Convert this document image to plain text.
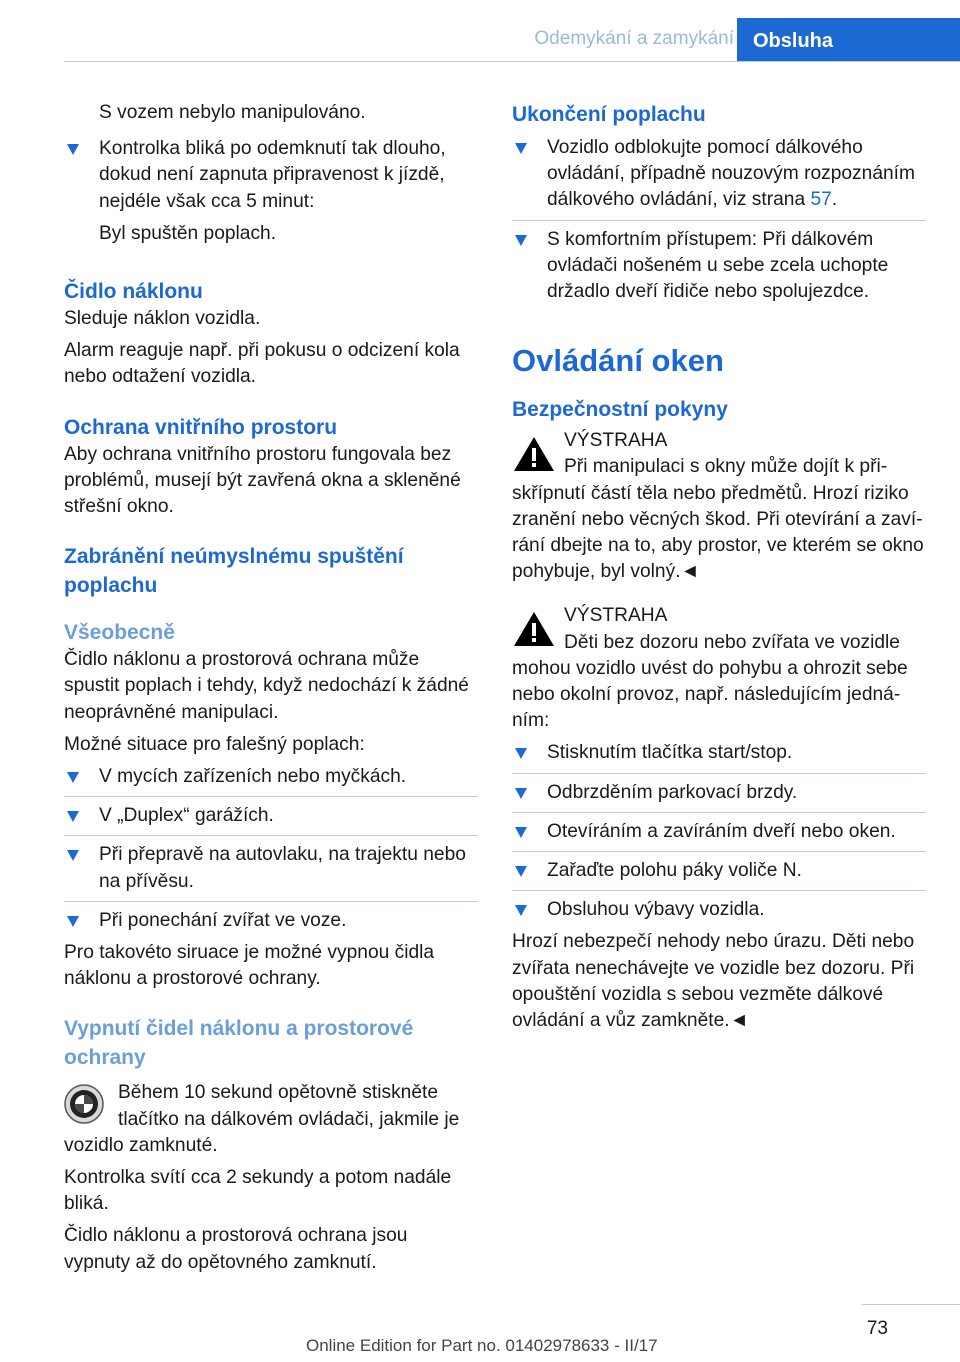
Odemykání a zamykání Obsluha

S vozem nebylo manipulováno.

Kontrolka bliká po odemknutí tak dlouho, dokud není zapnuta připravenost k jízdě, nejdéle však cca 5 minut:

Byl spuštěn poplach.

Čidlo náklonu

Sleduje náklon vozidla.

Alarm reaguje např. při pokusu o odcizení kola nebo odtažení vozidla.

Ochrana vnitřního prostoru

Aby ochrana vnitřního prostoru fungovala bez problémů, musejí být zavřená okna a skleněné střešní okno.

Zabránění neúmyslnému spuštění poplachu
Všeobecně

Čidlo náklonu a prostorová ochrana může spustit poplach i tehdy, když nedochází k žádné neoprávněné manipulaci.

Možné situace pro falešný poplach:

V mycích zařízeních nebo myčkách.
V „Duplex“ garážích.
Při přepravě na autovlaku, na trajektu nebo na přívěsu.
Při ponechání zvířat ve voze.

Pro takovéto siruace je možné vypnou čidla náklonu a prostorové ochrany.

Vypnutí čidel náklonu a prostorové ochrany

Během 10 sekund opětovně stiskněte tlačítko na dálkovém ovládači, jakmile je vozidlo zamknuté.

Kontrolka svítí cca 2 sekundy a potom nadále bliká.

Čidlo náklonu a prostorová ochrana jsou vypnuty až do opětovného zamknutí.

Ukončení poplachu
Vozidlo odblokujte pomocí dálkového ovládání, případně nouzovým rozpoznáním dálkového ovládání, viz strana 57.
S komfortním přístupem: Při dálkovém ovládači nošeném u sebe zcela uchopte držadlo dveří řidiče nebo spolujezdce.
Ovládání oken
Bezpečnostní pokyny

VÝSTRAHA

Při manipulaci s okny může dojít k přiskřípnutí částí těla nebo předmětů. Hrozí riziko zranění nebo věcných škod. Při otevírání a zavírání dbejte na to, aby prostor, ve kterém se okno pohybuje, byl volný.◄

VÝSTRAHA

Děti bez dozoru nebo zvířata ve vozidle mohou vozidlo uvést do pohybu a ohrozit sebe nebo okolní provoz, např. následujícím jednáním:

Stisknutím tlačítka start/stop.
Odbrzděním parkovací brzdy.
Otevíráním a zavíráním dveří nebo oken.
Zařaďte polohu páky voliče N.
Obsluhou výbavy vozidla.

Hrozí nebezpečí nehody nebo úrazu. Děti nebo zvířata nenechávejte ve vozidle bez dozoru. Při opouštění vozidla s sebou vezměte dálkové ovládání a vůz zamkněte.◄

73
Online Edition for Part no. 01402978633 - II/17
